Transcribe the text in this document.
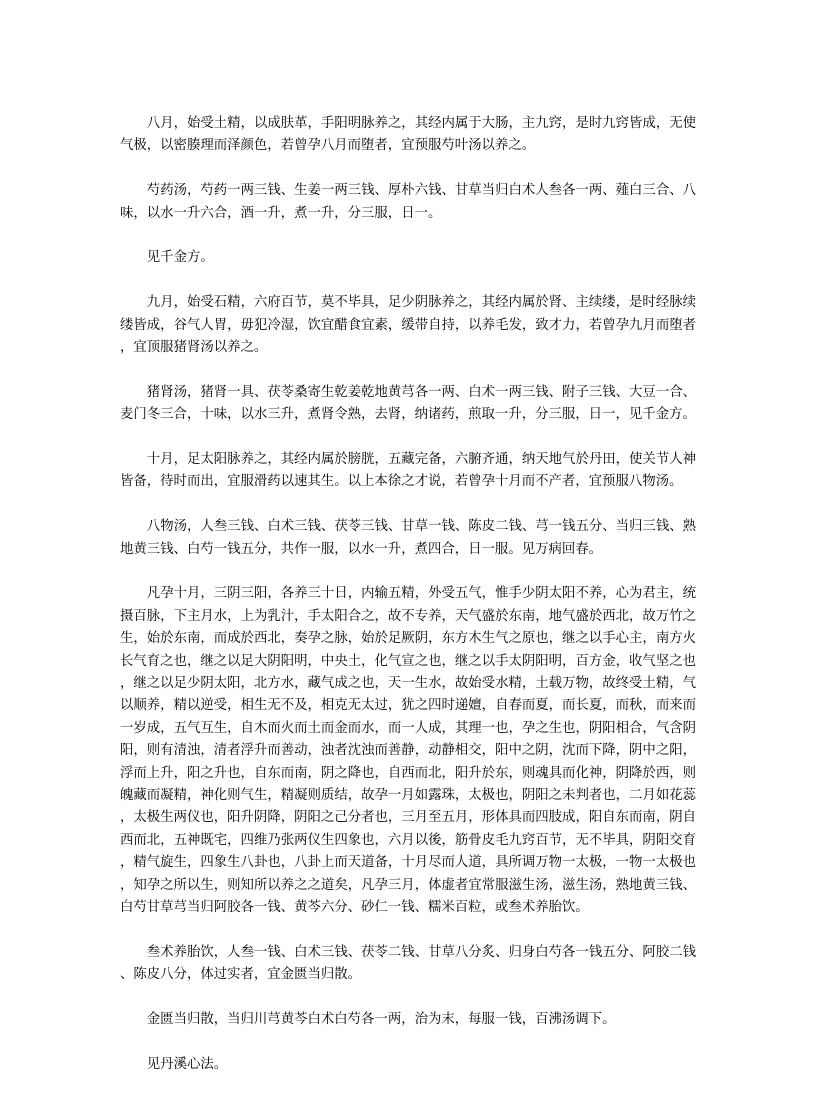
八月，始受土精，以成肤革，手阳明脉养之，其经内属于大肠，主九窍，是时九窍皆成，无使气极，以密腠理而泽颜色，若曾孕八月而堕者，宜预服芍叶汤以养之。

芍药汤，芍药一两三钱、生姜一两三钱、厚朴六钱、甘草当归白术人叁各一两、薤白三合、八味，以水一升六合，酒一升，煮一升，分三服，日一。

见千金方。

九月，始受石精，六府百节，莫不毕具，足少阴脉养之，其经内属於肾、主续缕，是时经脉续缕皆成，谷气人胃，毋犯冷湿，饮宜醋食宜素，缓带自持，以养毛发，致才力，若曾孕九月而堕者，宜顶服猪肾汤以养之。

猪肾汤，猪肾一具、茯苓桑寄生乾姜乾地黄芎各一两、白术一两三钱、附子三钱、大豆一合、麦门冬三合，十味，以水三升，煮肾令熟，去肾，纳诸药，煎取一升，分三服，日一，见千金方。

十月，足太阳脉养之，其经内属於膀胱，五藏完备，六腑齐通，纳天地气於丹田，使关节人神皆备，待时而出，宜服滑药以速其生。以上本徐之才说，若曾孕十月而不产者，宜预服八物汤。

八物汤，人叁三钱、白术三钱、茯苓三钱、甘草一钱、陈皮二钱、芎一钱五分、当归三钱、熟地黄三钱、白芍一钱五分，共作一服，以水一升，煮四合，日一服。见万病回春。

凡孕十月，三阴三阳，各养三十日，内输五精，外受五气，惟手少阴太阳不养，心为君主，统摄百脉，下主月水，上为乳汁，手太阳合之，故不专养，天气盛於东南，地气盛於西北，故万竹之生，始於东南，而成於西北，奏孕之脉，始於足厥阴，东方木生气之原也，继之以手心主，南方火长气育之也，继之以足大阴阳明，中央土，化气宣之也，继之以手太阴阳明，百方金，收气坚之也，继之以足少阴太阳，北方水，藏气成之也，天一生水，故始受水精，土载万物，故终受土精，气以顺养，精以逆受，相生无不及，相克无太过，犹之四时递嬗，自春而夏，而长夏，而秋，而来而一岁成，五气互生，自木而火而土而金而水，而一人成，其理一也，孕之生也，阴阳相合，气含阴阳，则有清浊，清者浮升而善动，浊者沈浊而善静，动静相交，阳中之阴，沈而下降，阴中之阳，浮而上升，阳之升也，自东而南，阴之降也，自西而北，阳升於东，则魂具而化神，阴降於西，则魄藏而凝精，神化则气生，精凝则质结，故孕一月如露珠，太极也，阴阳之未判者也，二月如花蕊，太极生两仪也，阳升阴降，阴阳之己分者也，三月至五月，形体具而四肢成，阳自东而南，阴自西而北，五神既宅，四维乃张两仪生四象也，六月以後，筋骨皮毛九窍百节，无不毕具，阴阳交育，精气旋生，四象生八卦也，八卦上而天道备，十月尽而人道，具所调万物一太极，一物一太极也，知孕之所以生，则知所以养之之道矣，凡孕三月，体虚者宜常服滋生汤，滋生汤，熟地黄三钱、白芍甘草芎当归阿胶各一钱、黄芩六分、砂仁一钱、糯米百粒，或叁术养胎饮。

叁术养胎饮，人叁一钱、白术三钱、茯苓二钱、甘草八分炙、归身白芍各一钱五分、阿胶二钱、陈皮八分，体过实者，宜金匮当归散。

金匮当归散，当归川芎黄芩白术白芍各一两，治为末，每服一钱，百沸汤调下。

见丹溪心法。
